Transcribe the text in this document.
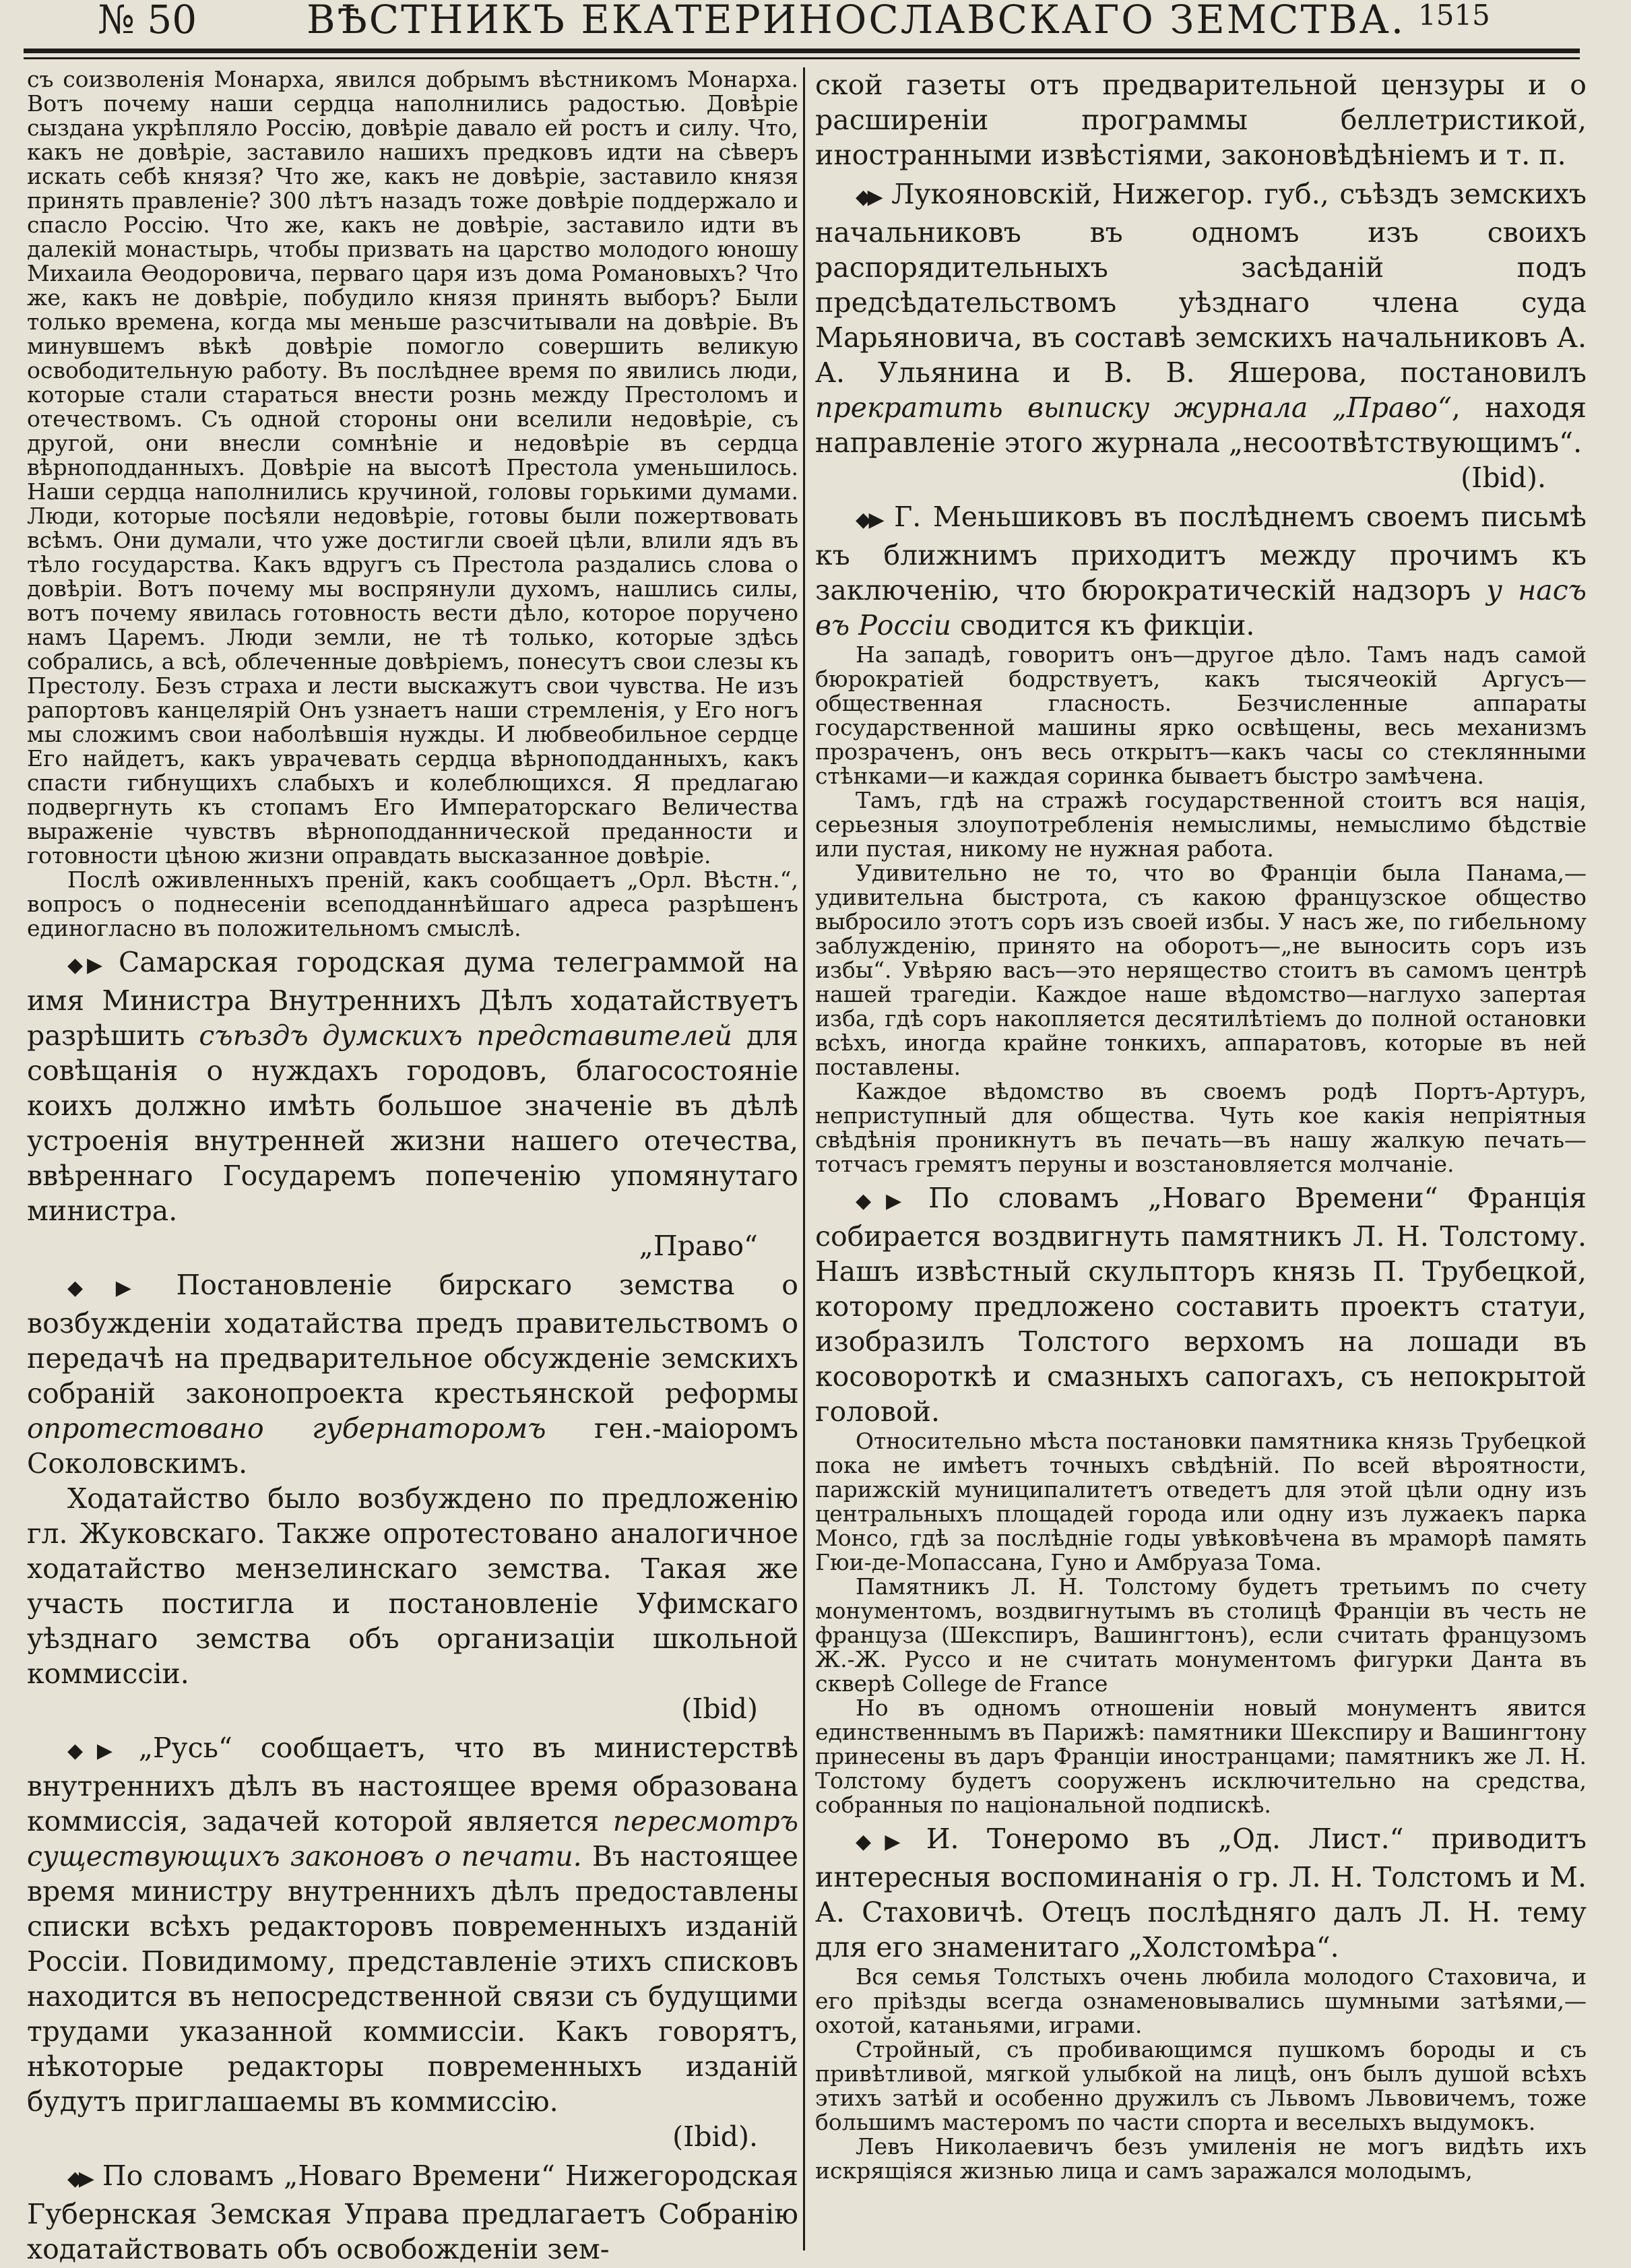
№ 50	ВѢСТНИКЪ ЕКАТЕРИНОСЛАВСКАГО ЗЕМСТВА. 1515

съ соизволенія Монарха, явился добрымъ вѣстникомъ Монарха. Вотъ почему наши сердца наполнились радостью. Довѣріе сызданa укрѣпляло Россію, довѣріе давало ей ростъ и силу. Что, какъ не довѣріе, заставило нашихъ предковъ идти на сѣверъ искать себѣ князя? Что же, какъ не довѣріе, заставило князя принять правленіе? 300 лѣтъ назадъ тоже довѣріе поддержало и спасло Россію. Что же, какъ не довѣріе, заставило идти въ далекій монастырь, чтобы призвать на царство молодого юношу Михаила Ѳеодоровича, перваго царя изъ дома Романовыхъ? Что же, какъ не довѣріе, побудило князя принять выборъ? Были только времена, когда мы меньше разсчитывали на довѣріе. Въ минувшемъ вѣкѣ довѣріе помогло совершить великую освободительную работу. Въ послѣднее время по явились люди, которые стали стараться внести рознь между Престоломъ и отечествомъ. Съ одной стороны они вселили недовѣріе, съ другой, они внесли сомнѣніе и недовѣріе въ сердца вѣрноподданныхъ. Довѣріе на высотѣ Престола уменьшилось. Наши сердца наполнились кручиной, головы горькими думами. Люди, которые посѣяли недовѣріе, готовы были пожертвовать всѣмъ. Они думали, что уже достигли своей цѣли, влили ядъ въ тѣло государства. Какъ вдругъ съ Престола раздались слова о довѣріи. Вотъ почему мы воспрянули духомъ, нашлись силы, вотъ почему явилась готовность вести дѣло, которое поручено намъ Царемъ. Люди земли, не тѣ только, которые здѣсь собрались, а всѣ, облеченные довѣріемъ, понесутъ свои слезы къ Престолу. Безъ страха и лести выскажутъ свои чувства. Не изъ рапортовъ канцелярій Онъ узнаетъ наши стремленія, у Его ногъ мы сложимъ свои наболѣвшія нужды. И любвеобильное сердце Его найдетъ, какъ уврачевать сердца вѣрноподданныхъ, какъ спасти гибнущихъ слабыхъ и колеблющихся. Я предлагаю подвергнуть къ стопамъ Его Императорскаго Величества выраженіе чувствъ вѣрноподданнической преданности и готовности цѣною жизни оправдать высказанное довѣріе.

Послѣ оживленныхъ преній, какъ сообщаетъ „Орл. Вѣстн.“, вопросъ о поднесеніи всеподданнѣйшаго адреса разрѣшенъ единогласно въ положительномъ смыслѣ.

◆▶ Самарская городская дума телеграммой на имя Министра Внутреннихъ Дѣлъ ходатайствуетъ разрѣшить съѣздъ думскихъ представителей для совѣщанія о нуждахъ городовъ, благосостояніе коихъ должно имѣть большое значеніе въ дѣлѣ устроенія внутренней жизни нашего отечества, ввѣреннаго Государемъ попеченію упомянутаго министра.
„Право“

◆▶ Постановленіе бирскаго земства о возбужденіи ходатайства предъ правительствомъ о передачѣ на предварительное обсужденіе земскихъ собраній законопроекта крестьянской реформы опротестовано губернаторомъ ген.-маіоромъ Соколовскимъ.

Ходатайство было возбуждено по предложенію гл. Жуковскаго. Также опротестовано аналогичное ходатайство мензелинскаго земства. Такая же участь постигла и постановленіе Уфимскаго уѣзднаго земства объ организаціи школьной коммиссіи.
(Ibid)

◆▶ „Русь“ сообщаетъ, что въ министерствѣ внутреннихъ дѣлъ въ настоящее время образована коммиссія, задачей которой является пересмотръ существующихъ законовъ о печати. Въ настоящее время министру внутреннихъ дѣлъ предоставлены списки всѣхъ редакторовъ повременныхъ изданій Россіи. Повидимому, представленіе этихъ списковъ находится въ непосредственной связи съ будущими трудами указанной коммиссіи. Какъ говорятъ, нѣкоторые редакторы повременныхъ изданій будутъ приглашаемы въ коммиссію.
(Ibid).

◆▶ По словамъ „Новаго Времени“ Нижегородская Губернская Земская Управа предлагаетъ Собранію ходатайствовать объ освобожденіи зем-

ской газеты отъ предварительной цензуры и о расширеніи программы беллетристикой, иностранными извѣстіями, законовѣдѣніемъ и т. п.

◆▶ Лукояновскій, Нижегор. губ., съѣздъ земскихъ начальниковъ въ одномъ изъ своихъ распорядительныхъ засѣданій подъ предсѣдательствомъ уѣзднаго члена суда Марьяновича, въ составѣ земскихъ начальниковъ А. А. Ульянина и В. В. Яшерова, постановилъ прекратить выписку журнала „Право“, находя направленіе этого журнала „несоотвѣтствующимъ“.
(Ibid).

◆▶ Г. Меньшиковъ въ послѣднемъ своемъ письмѣ къ ближнимъ приходитъ между прочимъ къ заключенію, что бюрократическій надзоръ у насъ въ Россіи сводится къ фикціи.

На западѣ, говоритъ онъ—другое дѣло. Тамъ надъ самой бюрократіей бодрствуетъ, какъ тысячеокій Аргусъ—общественная гласность. Безчисленные аппараты государственной машины ярко освѣщены, весь механизмъ прозраченъ, онъ весь открытъ—какъ часы со стеклянными стѣнками—и каждая соринка бываетъ быстро замѣчена.

Тамъ, гдѣ на стражѣ государственной стоитъ вся нація, серьезныя злоупотребленія немыслимы, немыслимо бѣдствіе или пустая, никому не нужная работа.

Удивительно не то, что во Франціи была Панама,—удивительна быстрота, съ какою французское общество выбросило этотъ соръ изъ своей избы. У насъ же, по гибельному заблужденію, принято на оборотъ—„не выносить соръ изъ избы“. Увѣряю васъ—это нерящество стоитъ въ самомъ центрѣ нашей трагедіи. Каждое наше вѣдомство—наглухо запертая изба, гдѣ соръ накопляется десятилѣтіемъ до полной остановки всѣхъ, иногда крайне тонкихъ, аппаратовъ, которые въ ней поставлены.

Каждое вѣдомство въ своемъ родѣ Портъ-Артуръ, неприступный для общества. Чуть кое какія непріятныя свѣдѣнія проникнутъ въ печать—въ нашу жалкую печать—тотчасъ гремятъ перуны и возстановляется молчаніе.

◆▶ По словамъ „Новаго Времени“ Франція собирается воздвигнуть памятникъ Л. Н. Толстому. Нашъ извѣстный скульпторъ князь П. Трубецкой, которому предложено составить проектъ статуи, изобразилъ Толстого верхомъ на лошади въ косовороткѣ и смазныхъ сапогахъ, съ непокрытой головой.

Относительно мѣста постановки памятника князь Трубецкой пока не имѣетъ точныхъ свѣдѣній. По всей вѣроятности, парижскій муниципалитетъ отведетъ для этой цѣли одну изъ центральныхъ площадей города или одну изъ лужаекъ парка Монсо, гдѣ за послѣдніе годы увѣковѣчена въ мраморѣ память Гюи-де-Мопассана, Гуно и Амбруаза Тома.

Памятникъ Л. Н. Толстому будетъ третьимъ по счету монументомъ, воздвигнутымъ въ столицѣ Франціи въ честь не француза (Шекспиръ, Вашингтонъ), если считать французомъ Ж.-Ж. Руссо и не считать монументомъ фигурки Данта въ скверѣ College de France

Но въ одномъ отношеніи новый монументъ явится единственнымъ въ Парижѣ: памятники Шекспиру и Вашингтону принесены въ даръ Франціи иностранцами; памятникъ же Л. Н. Толстому будетъ сооруженъ исключительно на средства, собранныя по національной подпискѣ.

◆▶ И. Тонеромо въ „Од. Лист.“ приводитъ интересныя воспоминанія о гр. Л. Н. Толстомъ и М. А. Стаховичѣ. Отецъ послѣдняго далъ Л. Н. тему для его знаменитаго „Холстомѣра“.

Вся семья Толстыхъ очень любила молодого Стаховича, и его пріѣзды всегда ознаменовывались шумными затѣями,—охотой, катаньями, играми.

Стройный, съ пробивающимся пушкомъ бороды и съ привѣтливой, мягкой улыбкой на лицѣ, онъ былъ душой всѣхъ этихъ затѣй и особенно дружилъ съ Львомъ Львовичемъ, тоже большимъ мастеромъ по части спорта и веселыхъ выдумокъ.

Левъ Николаевичъ безъ умиленія не могъ видѣть ихъ искрящіяся жизнью лица и самъ заражался молодымъ,
